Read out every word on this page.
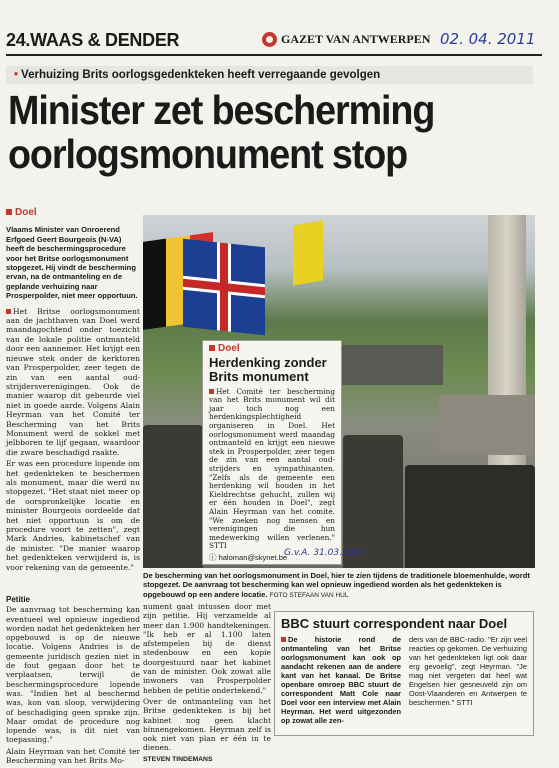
24.WAAS & DENDER	GAZET VAN ANTWERPEN 02. 04. 2011
• Verhuizing Brits oorlogsgedenkteken heeft verregaande gevolgen
Minister zet bescherming oorlogsmonument stop
Doel
Vlaams Minister van Onroerend Erfgoed Geert Bourgeois (N-VA) heeft de beschermingsprocedure voor het Britse oorlogsmonument stopgezet. Hij vindt de bescherming ervan, na de ontmanteling en de geplande verhuizing naar Prosperpolder, niet meer opportuun.

Het Britse oorlogsmonument aan de jachthaven van Doel werd maandagochtend onder toezicht van de lokale politie ontmanteld door een aannemer. Het krijgt een nieuwe stek onder de kerktoren van Prosperpolder, zeer tegen de zin van een aantal oud-strijdersverenigingen. Ook de manier waarop dit gebeurde viel niet in goede aarde. Volgens Alain Heyrman van het Comité ter Bescherming van het Brits Monument werd de sokkel met jelbboren te lijf gegaan, waardoor die zware beschadigd raakte.

Er was een procedure lopende om het gedenkteken te beschermen als monument, maar die werd nu stopgezet. "Het staat niet meer op de oorspronkelijke locatie en minister Bourgeois oordeelde dat het niet opportuun is om de procedure voort te zetten", zegt Mark Andries, kabinetschef van de minister. "De manier waarop het gedenkteken verwijderd is, is voor rekening van de gemeente."

Doel
Herdenking zonder Brits monument
Het Comité ter bescherming van het Brits monument wil dit jaar toch nog een herdenkingsplechtigheid organiseren in Doel. Het oorlogsmonument werd maandag ontmanteld en krijgt een nieuwe stek in Prosperpolder, zeer tegen de zin van een aantal oud-strijders en sympathisanten. "Zelfs als de gemeente een herdenking wil houden in het Kieldrechtse gehucht, zullen wij er één houden in Doel", zegt Alain Heyrman van het comité. "We zoeken nog mensen en verenigingen die hun medewerking willen verlenen." STTI
ⓘ haloman@skynet.be
G.v.A. 31.03.2011
De bescherming van het oorlogsmonument in Doel, hier te zien tijdens de traditionele bloemenhulde, wordt stopgezet. De aanvraag tot bescherming kan wel opnieuw ingediend worden als het gedenkteken is opgebouwd op een andere locatie. FOTO STEFAAN VAN HUL
Petitie

De aanvraag tot bescherming kan eventueel wel opnieuw ingediend worden nadat het gedenkteken her opgebouwd is op de nieuwe locatie. Volgens Andries is de gemeente juridisch gezien niet in de fout gegaan door het te verplaatsen, terwijl de beschermingsprocedure lopende was. "Indien het al beschermd was, kon van sloop, verwijdering of beschadiging geen sprake zijn. Maar omdat de procedure nog lopende was, is dit niet van toepassing."

Alain Heyrman van het Comité ter Bescherming van het Brits Mo-

nument gaat intussen door met zijn petitie. Hij verzamelde al meer dan 1.900 handtekeningen. "Ik heb er al 1.100 laten afstempelen bij de dienst stedenbouw en een kopie doorgestuurd naar het kabinet van de minister. Ook zowat alle inwoners van Prosperpolder hebben de petitie ondertekend."

Over de ontmanteling van het Britse gedenkteken is bij het kabinet nog geen klacht binnengekomen. Heyrman zelf is ook niet van plan er één in te dienen.

STEVEN TINDEMANS
BBC stuurt correspondent naar Doel
De historie rond de ontmanteling van het Britse oorlogsmonument kan ook op aandacht rekenen aan de andere kant van het kanaal. De Britse openbare omroep BBC stuurt de correspondent Matt Cole naar Doel voor een interview met Alain Heyrman. Het werd uitgezonden op zowat alle zen-
ders van de BBC-radio. "Er zijn veel reacties op gekomen. De verhuizing van het gedenkteken ligt ook daar erg gevoelig", zegt Heyrman. "Je mag niet vergeten dat heel wat Engelsen hier gesneuveld zijn om Oost-Vlaanderen en Antwerpen te beschermen." STTI
